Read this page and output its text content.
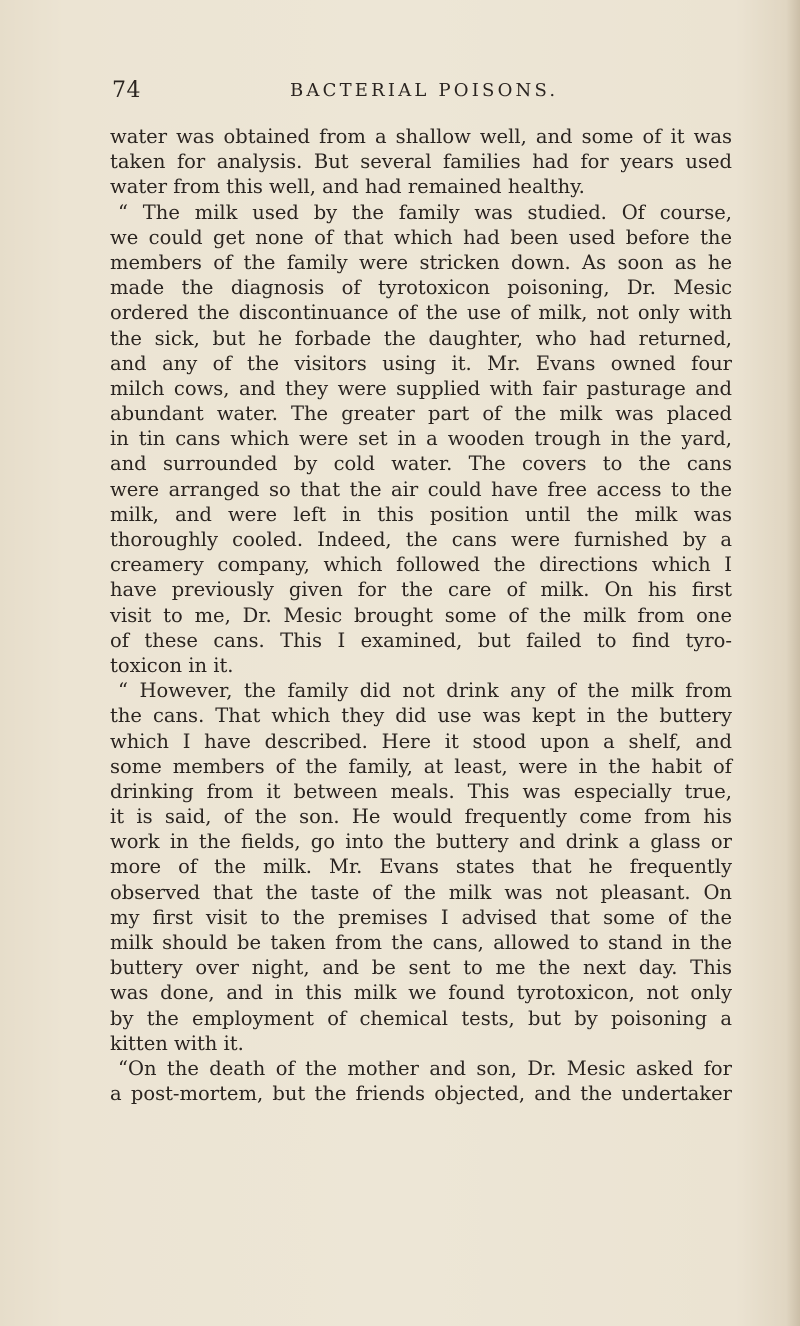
74	BACTERIAL POISONS.
water was obtained from a shallow well, and some of it was
taken for analysis. But several families had for years used
water from this well, and had remained healthy.
“ The milk used by the family was studied. Of course,
we could get none of that which had been used before the
members of the family were stricken down. As soon as he
made the diagnosis of tyrotoxicon poisoning, Dr. Mesic
ordered the discontinuance of the use of milk, not only with
the sick, but he forbade the daughter, who had returned,
and any of the visitors using it. Mr. Evans owned four
milch cows, and they were supplied with fair pasturage and
abundant water. The greater part of the milk was placed
in tin cans which were set in a wooden trough in the yard,
and surrounded by cold water. The covers to the cans
were arranged so that the air could have free access to the
milk, and were left in this position until the milk was
thoroughly cooled. Indeed, the cans were furnished by a
creamery company, which followed the directions which I
have previously given for the care of milk. On his first
visit to me, Dr. Mesic brought some of the milk from one
of these cans. This I examined, but failed to find tyro-
toxicon in it.
“ However, the family did not drink any of the milk from
the cans. That which they did use was kept in the buttery
which I have described. Here it stood upon a shelf, and
some members of the family, at least, were in the habit of
drinking from it between meals. This was especially true,
it is said, of the son. He would frequently come from his
work in the fields, go into the buttery and drink a glass or
more of the milk. Mr. Evans states that he frequently
observed that the taste of the milk was not pleasant. On
my first visit to the premises I advised that some of the
milk should be taken from the cans, allowed to stand in the
buttery over night, and be sent to me the next day. This
was done, and in this milk we found tyrotoxicon, not only
by the employment of chemical tests, but by poisoning a
kitten with it.
“On the death of the mother and son, Dr. Mesic asked for
a post-mortem, but the friends objected, and the undertaker
